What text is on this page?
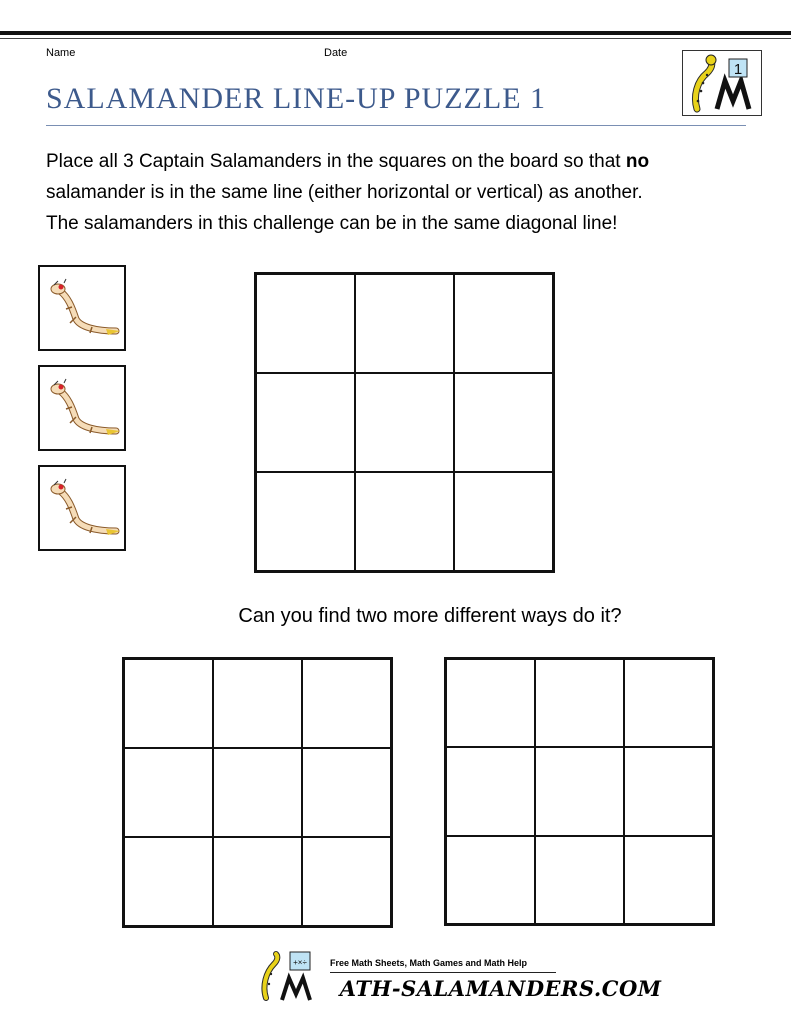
Name	Date
SALAMANDER LINE-UP PUZZLE 1
1

Place all 3 Captain Salamanders in the squares on the board so that no

salamander is in the same line (either horizontal or vertical) as another.

The salamanders in this challenge can be in the same diagonal line!

Can you find two more different ways do it?
+×÷	Free Math Sheets, Math Games and Math Help
ATH-SALAMANDERS.COM
